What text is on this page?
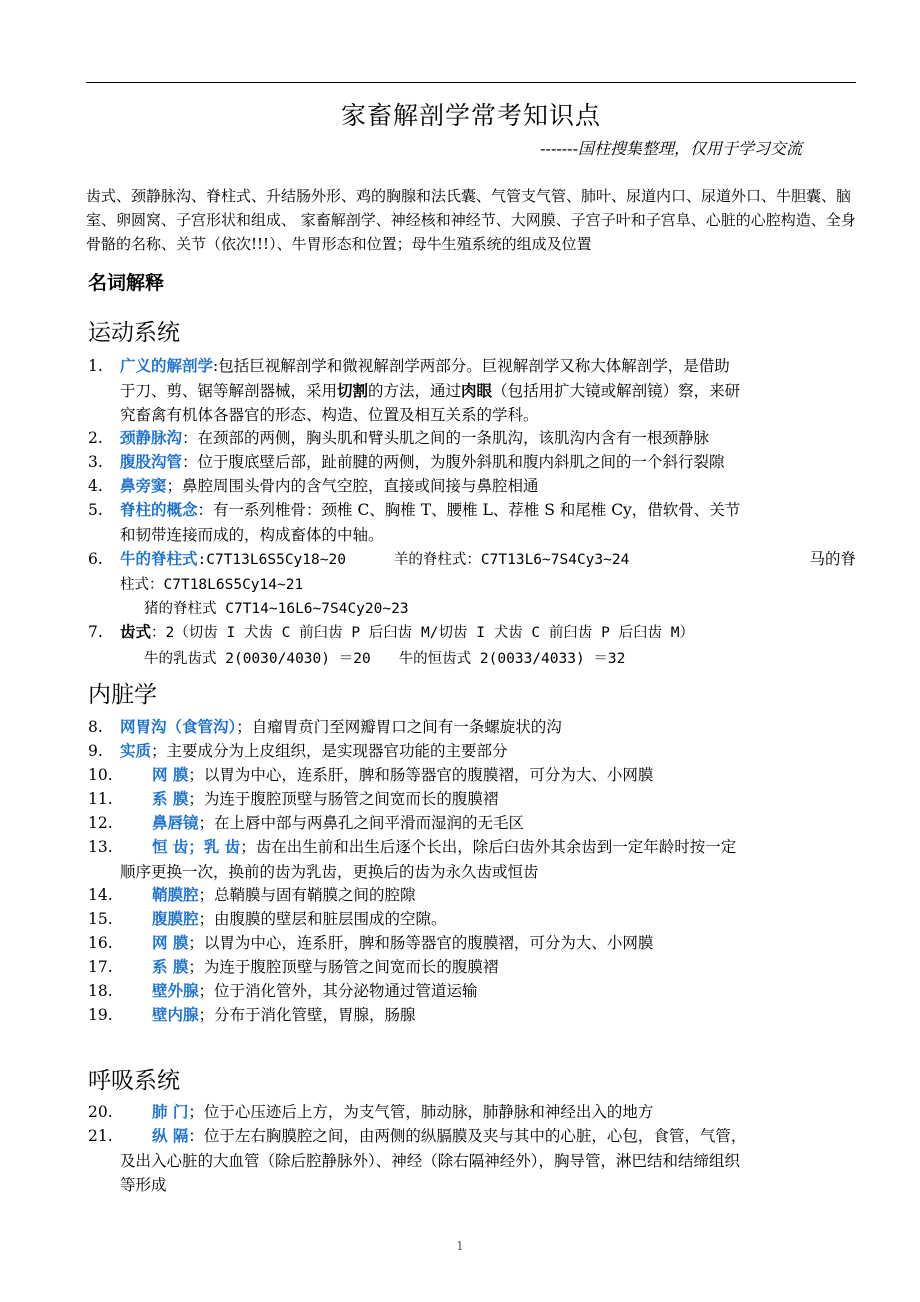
家畜解剖学常考知识点
-------国柱搜集整理，仅用于学习交流
齿式、颈静脉沟、脊柱式、升结肠外形、鸡的胸腺和法氏囊、气管支气管、肺叶、尿道内口、尿道外口、牛胆囊、脑室、卵圆窝、子宫形状和组成、 家畜解剖学、神经核和神经节、大网膜、子宫子叶和子宫阜、心脏的心腔构造、全身骨骼的名称、关节（依次!!!）、牛胃形态和位置；母牛生殖系统的组成及位置
名词解释
运动系统
1. 广义的解剖学:包括巨视解剖学和微视解剖学两部分。巨视解剖学又称大体解剖学，是借助
于刀、剪、锯等解剖器械，采用切割的方法，通过肉眼（包括用扩大镜或解剖镜）察，来研
究畜禽有机体各器官的形态、构造、位置及相互关系的学科。
2. 颈静脉沟：在颈部的两侧，胸头肌和臂头肌之间的一条肌沟，该肌沟内含有一根颈静脉
3. 腹股沟管：位于腹底壁后部，趾前腱的两侧，为腹外斜肌和腹内斜肌之间的一个斜行裂隙
4. 鼻旁窦；鼻腔周围头骨内的含气空腔，直接或间接与鼻腔相通
5. 脊柱的概念：有一系列椎骨：颈椎 C、胸椎 T、腰椎 L、荐椎 S 和尾椎 Cy，借软骨、关节
和韧带连接而成的，构成畜体的中轴。
6. 牛的脊柱式:C7T13L6S5Cy18~20	羊的脊柱式：C7T13L6~7S4Cy3~24	马的脊
柱式：C7T18L6S5Cy14~21
猪的脊柱式 C7T14~16L6~7S4Cy20~23
7. 齿式：2（切齿 I 犬齿 C 前臼齿 P 后臼齿 M/切齿 I 犬齿 C 前臼齿 P 后臼齿 M）
牛的乳齿式 2(0030/4030) ＝20 牛的恒齿式 2(0033/4033) ＝32
内脏学
8. 网胃沟（食管沟）；自瘤胃贲门至网瓣胃口之间有一条螺旋状的沟
9. 实质；主要成分为上皮组织，是实现器官功能的主要部分
10.	网 膜；以胃为中心，连系肝，脾和肠等器官的腹膜褶，可分为大、小网膜
11.	系 膜；为连于腹腔顶壁与肠管之间宽而长的腹膜褶
12.	鼻唇镜；在上唇中部与两鼻孔之间平滑而湿润的无毛区
13.	恒 齿；乳 齿；齿在出生前和出生后逐个长出，除后臼齿外其余齿到一定年龄时按一定
顺序更换一次，换前的齿为乳齿，更换后的齿为永久齿或恒齿
14.	鞘膜腔；总鞘膜与固有鞘膜之间的腔隙
15.	腹膜腔；由腹膜的壁层和脏层围成的空隙。
16.	网 膜；以胃为中心，连系肝，脾和肠等器官的腹膜褶，可分为大、小网膜
17.	系 膜；为连于腹腔顶壁与肠管之间宽而长的腹膜褶
18.	壁外腺；位于消化管外，其分泌物通过管道运输
19.	壁内腺；分布于消化管壁，胃腺，肠腺
呼吸系统
20.	肺 门；位于心压迹后上方，为支气管，肺动脉，肺静脉和神经出入的地方
21.	纵 隔：位于左右胸膜腔之间，由两侧的纵膈膜及夹与其中的心脏，心包，食管，气管，
及出入心脏的大血管（除后腔静脉外）、神经（除右隔神经外），胸导管，淋巴结和结缔组织
等形成
1
